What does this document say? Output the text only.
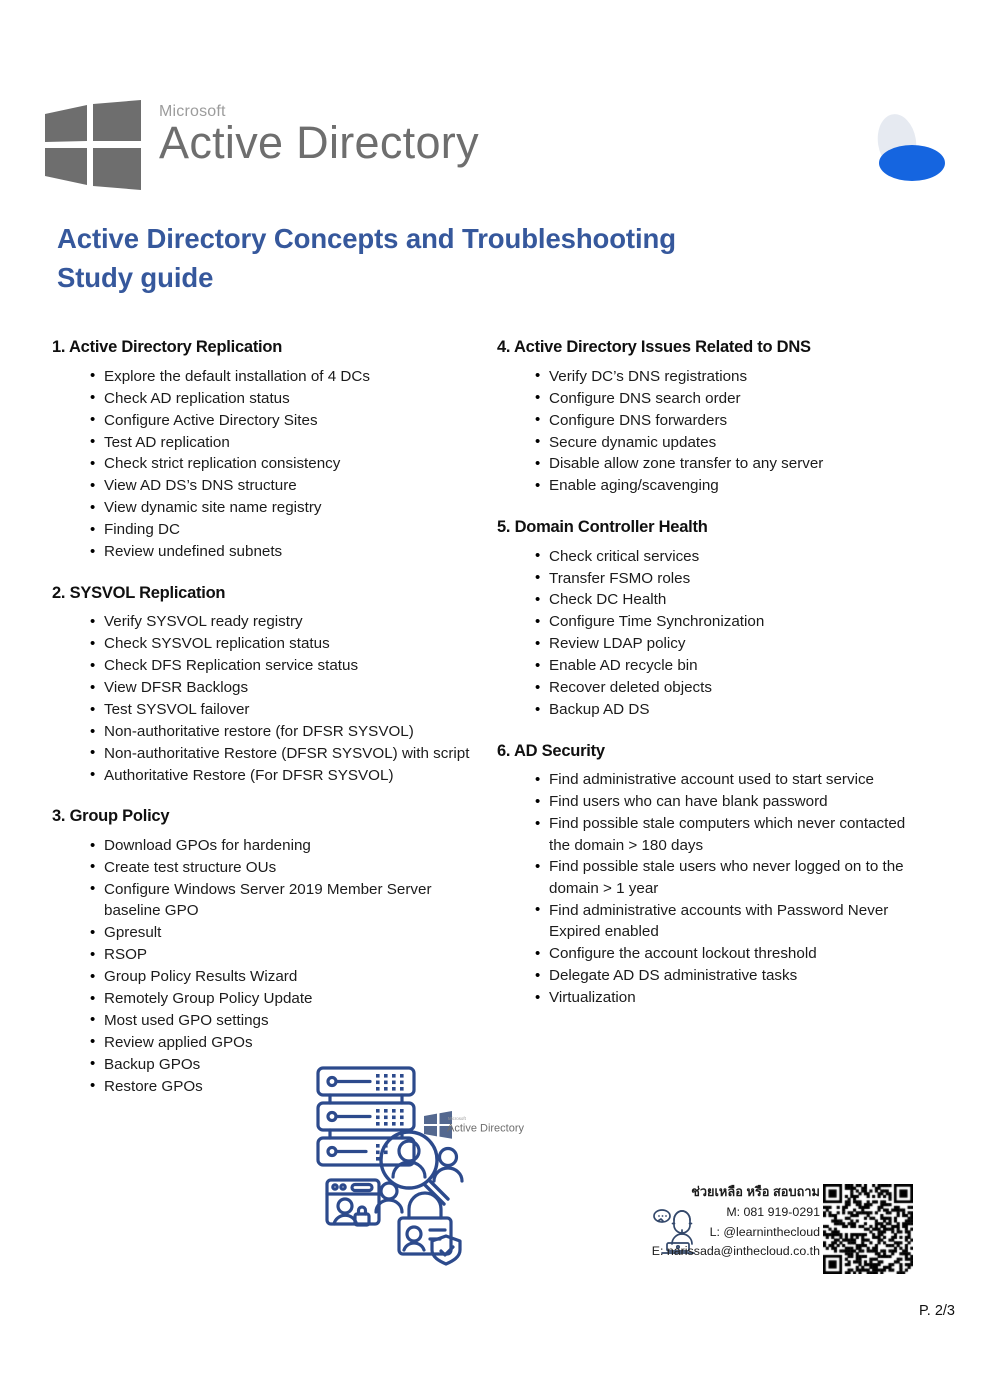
Microsoft
Active Directory
Active Directory Concepts and Troubleshooting
Study guide
1. Active Directory Replication
• Explore the default installation of 4 DCs
• Check AD replication status
• Configure Active Directory Sites
• Test AD replication
• Check strict replication consistency
• View AD DS’s DNS structure
• View dynamic site name registry
• Finding DC
• Review undefined subnets
2. SYSVOL Replication
• Verify SYSVOL ready registry
• Check SYSVOL replication status
• Check DFS Replication service status
• View DFSR Backlogs
• Test SYSVOL failover
• Non-authoritative restore (for DFSR SYSVOL)
• Non-authoritative Restore (DFSR SYSVOL) with script
• Authoritative Restore (For DFSR SYSVOL)
3. Group Policy
• Download GPOs for hardening
• Create test structure OUs
• Configure Windows Server 2019 Member Server baseline GPO
• Gpresult
• RSOP
• Group Policy Results Wizard
• Remotely Group Policy Update
• Most used GPO settings
• Review applied GPOs
• Backup GPOs
• Restore GPOs
4. Active Directory Issues Related to DNS
• Verify DC’s DNS registrations
• Configure DNS search order
• Configure DNS forwarders
• Secure dynamic updates
• Disable allow zone transfer to any server
• Enable aging/scavenging
5. Domain Controller Health
• Check critical services
• Transfer FSMO roles
• Check DC Health
• Configure Time Synchronization
• Review LDAP policy
• Enable AD recycle bin
• Recover deleted objects
• Backup AD DS
6. AD Security
• Find administrative account used to start service
• Find users who can have blank password
• Find possible stale computers which never contacted the domain > 180 days
• Find possible stale users who never logged on to the domain > 1 year
• Find administrative accounts with Password Never Expired enabled
• Configure the account lockout threshold
• Delegate AD DS administrative tasks
• Virtualization
Microsoft
Active Directory
ช่วยเหลือ หรือ สอบถาม
M: 081 919-0291
L: @learninthecloud
E: narissada@inthecloud.co.th
P. 2/3
